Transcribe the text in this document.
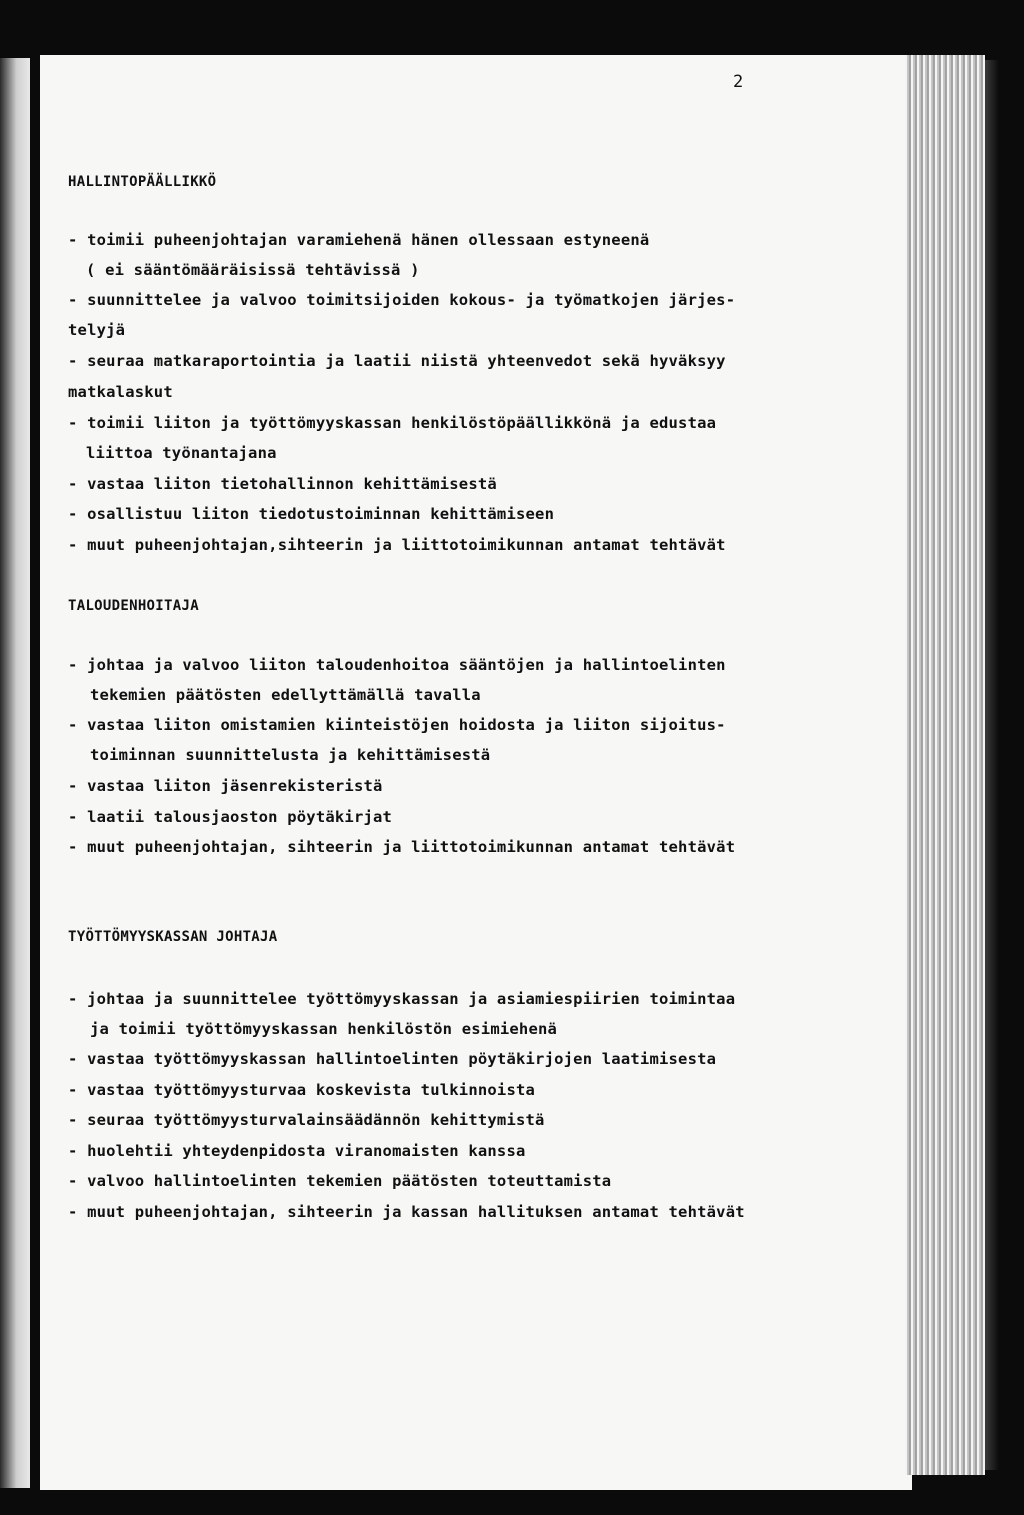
2
HALLINTOPÄÄLLIKKÖ
- toimii puheenjohtajan varamiehenä hänen ollessaan estyneenä
( ei sääntömääräisissä tehtävissä )
- suunnittelee ja valvoo toimitsijoiden kokous- ja työmatkojen järjes-
telyjä
- seuraa matkaraportointia ja laatii niistä yhteenvedot sekä hyväksyy
matkalaskut
- toimii liiton ja työttömyyskassan henkilöstöpäällikkönä ja edustaa
liittoa työnantajana
- vastaa liiton tietohallinnon kehittämisestä
- osallistuu liiton tiedotustoiminnan kehittämiseen
- muut puheenjohtajan,sihteerin ja liittotoimikunnan antamat tehtävät
TALOUDENHOITAJA
- johtaa ja valvoo liiton taloudenhoitoa sääntöjen ja hallintoelinten
tekemien päätösten edellyttämällä tavalla
- vastaa liiton omistamien kiinteistöjen hoidosta ja liiton sijoitus-
toiminnan suunnittelusta ja kehittämisestä
- vastaa liiton jäsenrekisteristä
- laatii talousjaoston pöytäkirjat
- muut puheenjohtajan, sihteerin ja liittotoimikunnan antamat tehtävät
TYÖTTÖMYYSKASSAN JOHTAJA
- johtaa ja suunnittelee työttömyyskassan ja asiamiespiirien toimintaa
ja toimii työttömyyskassan henkilöstön esimiehenä
- vastaa työttömyyskassan hallintoelinten pöytäkirjojen laatimisesta
- vastaa työttömyysturvaa koskevista tulkinnoista
- seuraa työttömyysturvalainsäädännön kehittymistä
- huolehtii yhteydenpidosta viranomaisten kanssa
- valvoo hallintoelinten tekemien päätösten toteuttamista
- muut puheenjohtajan, sihteerin ja kassan hallituksen antamat tehtävät
